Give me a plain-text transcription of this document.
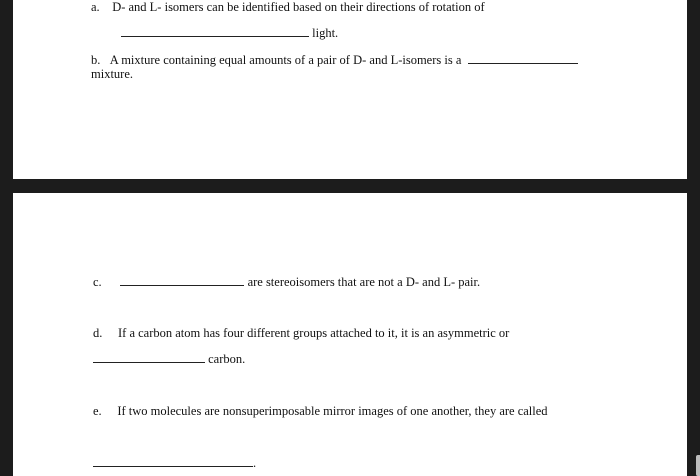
a. D- and L- isomers can be identified based on their directions of rotation of
light.
b. A mixture containing equal amounts of a pair of D- and L-isomers is a
mixture.
c.	are stereoisomers that are not a D- and L- pair.
d. If a carbon atom has four different groups attached to it, it is an asymmetric or
carbon.
e. If two molecules are nonsuperimposable mirror images of one another, they are called
.
